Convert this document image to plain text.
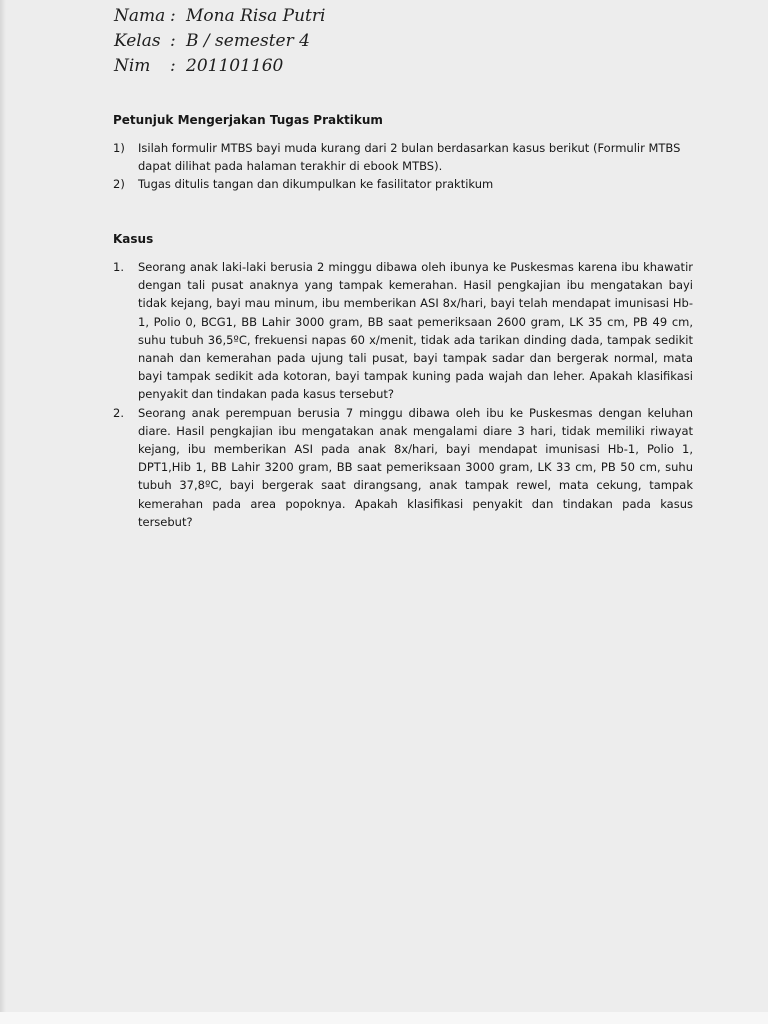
Nama : Mona Risa Putri
Kelas : B / semester 4
Nim : 201101160
Petunjuk Mengerjakan Tugas Praktikum
1) Isilah formulir MTBS bayi muda kurang dari 2 bulan berdasarkan kasus berikut (Formulir MTBS dapat dilihat pada halaman terakhir di ebook MTBS).
2) Tugas ditulis tangan dan dikumpulkan ke fasilitator praktikum
Kasus
1. Seorang anak laki-laki berusia 2 minggu dibawa oleh ibunya ke Puskesmas karena ibu khawatir dengan tali pusat anaknya yang tampak kemerahan. Hasil pengkajian ibu mengatakan bayi tidak kejang, bayi mau minum, ibu memberikan ASI 8x/hari, bayi telah mendapat imunisasi Hb-1, Polio 0, BCG1, BB Lahir 3000 gram, BB saat pemeriksaan 2600 gram, LK 35 cm, PB 49 cm, suhu tubuh 36,5ºC, frekuensi napas 60 x/menit, tidak ada tarikan dinding dada, tampak sedikit nanah dan kemerahan pada ujung tali pusat, bayi tampak sadar dan bergerak normal, mata bayi tampak sedikit ada kotoran, bayi tampak kuning pada wajah dan leher. Apakah klasifikasi penyakit dan tindakan pada kasus tersebut?
2. Seorang anak perempuan berusia 7 minggu dibawa oleh ibu ke Puskesmas dengan keluhan diare. Hasil pengkajian ibu mengatakan anak mengalami diare 3 hari, tidak memiliki riwayat kejang, ibu memberikan ASI pada anak 8x/hari, bayi mendapat imunisasi Hb-1, Polio 1, DPT1,Hib 1, BB Lahir 3200 gram, BB saat pemeriksaan 3000 gram, LK 33 cm, PB 50 cm, suhu tubuh 37,8ºC, bayi bergerak saat dirangsang, anak tampak rewel, mata cekung, tampak kemerahan pada area popoknya. Apakah klasifikasi penyakit dan tindakan pada kasus tersebut?
